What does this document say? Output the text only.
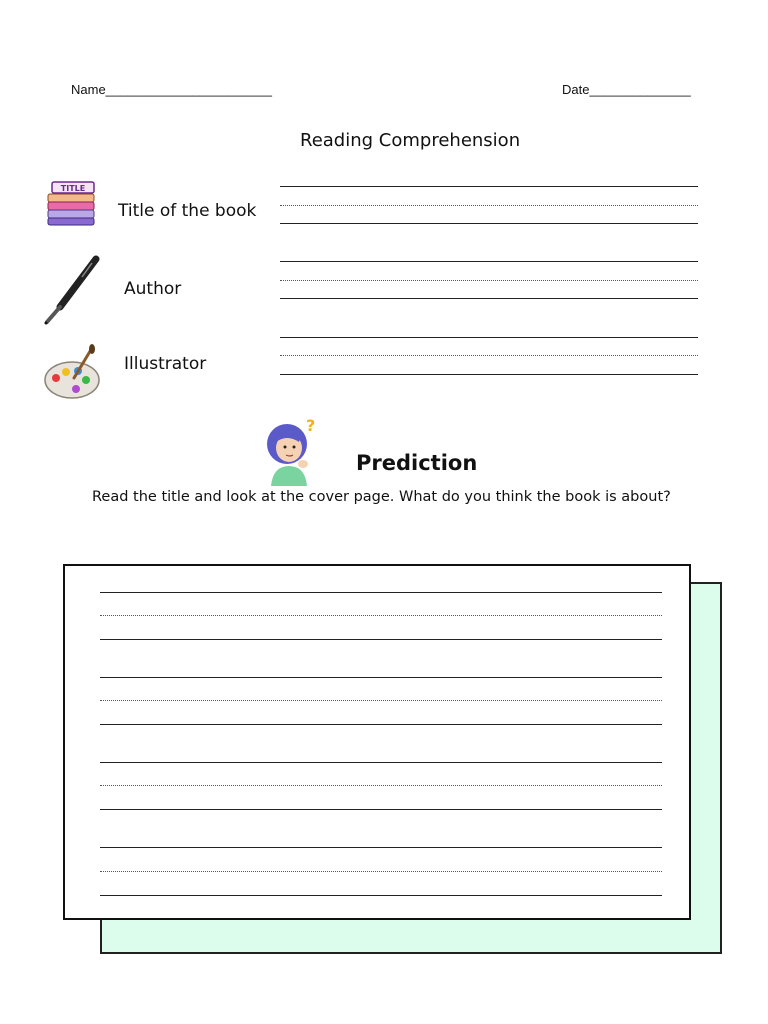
Name_______________________	Date______________
Reading Comprehension
TITLE
Title of the book
Author
Illustrator
?
Prediction
Read the title and look at the cover page. What do you think the book is about?
